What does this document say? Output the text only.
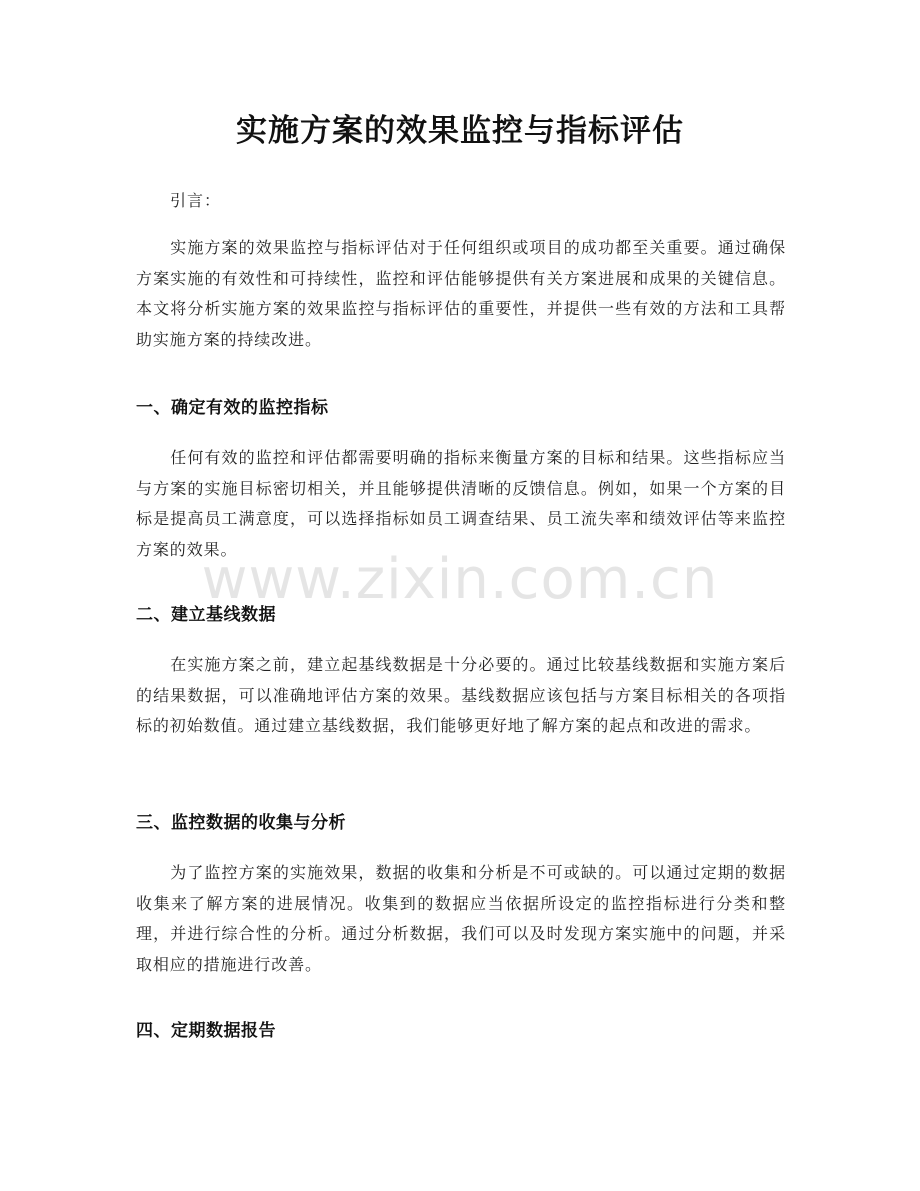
实施方案的效果监控与指标评估
引言：
实施方案的效果监控与指标评估对于任何组织或项目的成功都至关重要。通过确保方案实施的有效性和可持续性，监控和评估能够提供有关方案进展和成果的关键信息。本文将分析实施方案的效果监控与指标评估的重要性，并提供一些有效的方法和工具帮助实施方案的持续改进。
一、确定有效的监控指标
任何有效的监控和评估都需要明确的指标来衡量方案的目标和结果。这些指标应当与方案的实施目标密切相关，并且能够提供清晰的反馈信息。例如，如果一个方案的目标是提高员工满意度，可以选择指标如员工调查结果、员工流失率和绩效评估等来监控方案的效果。
二、建立基线数据
在实施方案之前，建立起基线数据是十分必要的。通过比较基线数据和实施方案后的结果数据，可以准确地评估方案的效果。基线数据应该包括与方案目标相关的各项指标的初始数值。通过建立基线数据，我们能够更好地了解方案的起点和改进的需求。
三、监控数据的收集与分析
为了监控方案的实施效果，数据的收集和分析是不可或缺的。可以通过定期的数据收集来了解方案的进展情况。收集到的数据应当依据所设定的监控指标进行分类和整理，并进行综合性的分析。通过分析数据，我们可以及时发现方案实施中的问题，并采取相应的措施进行改善。
四、定期数据报告
www.zixin.com.cn
